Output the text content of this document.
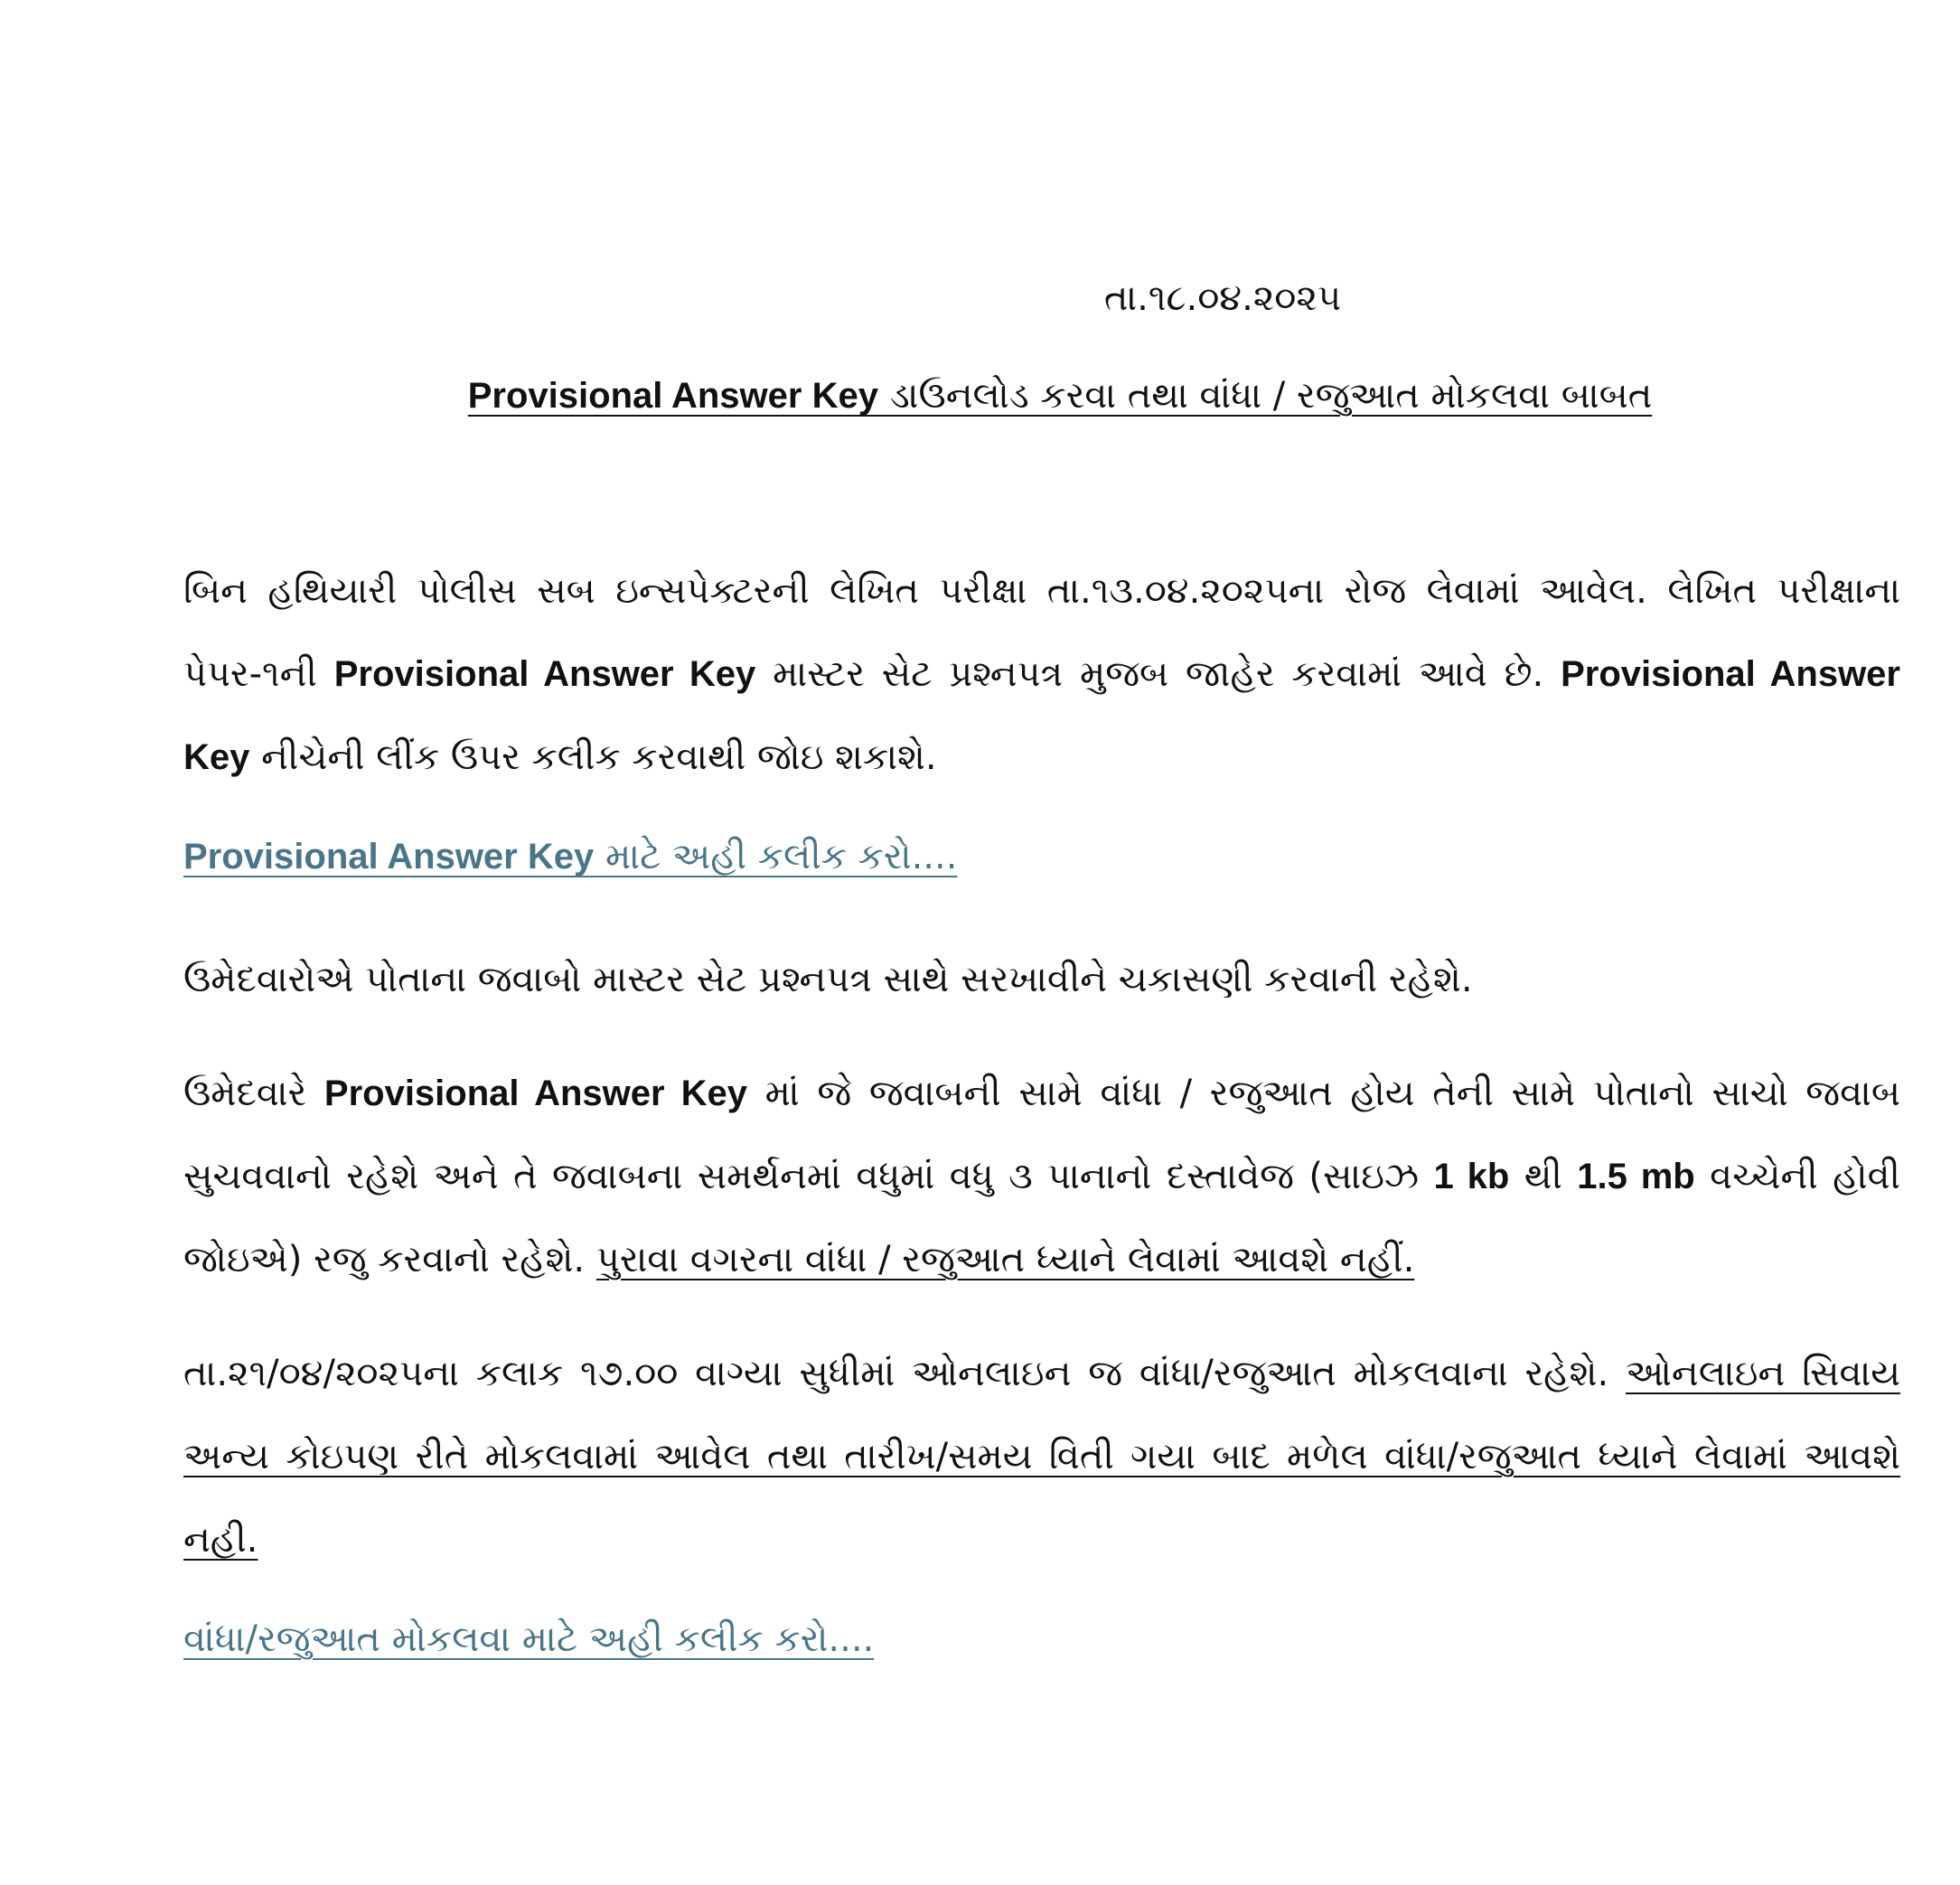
તા.૧૮.૦૪.૨૦૨૫
Provisional Answer Key ડાઉનલોડ કરવા તથા વાંધા / રજુઆત મોકલવા બાબત

બિન હથિયારી પોલીસ સબ ઇન્સપેક્ટરની લેખિત પરીક્ષા તા.૧૩.૦૪.૨૦૨૫ના રોજ લેવામાં આવેલ. લેખિત પરીક્ષાના પેપર-૧ની Provisional Answer Key માસ્ટર સેટ પ્રશ્નપત્ર મુજબ જાહેર કરવામાં આવે છે. Provisional Answer Key નીચેની લીંક ઉપર કલીક કરવાથી જોઇ શકાશે.

Provisional Answer Key માટે અહી કલીક કરો....

ઉમેદવારોએ પોતાના જવાબો માસ્ટર સેટ પ્રશ્નપત્ર સાથે સરખાવીને ચકાસણી કરવાની રહેશે.

ઉમેદવારે Provisional Answer Key માં જે જવાબની સામે વાંધા / રજુઆત હોય તેની સામે પોતાનો સાચો જવાબ સુચવવાનો રહેશે અને તે જવાબના સમર્થનમાં વધુમાં વધુ ૩ પાનાનો દસ્તાવેજ (સાઇઝ 1 kb થી 1.5 mb વચ્ચેની હોવી જોઇએ) રજુ કરવાનો રહેશે. પુરાવા વગરના વાંધા / રજુઆત ધ્યાને લેવામાં આવશે નહીં.

તા.૨૧/૦૪/૨૦૨૫ના કલાક ૧૭.૦૦ વાગ્યા સુધીમાં ઓનલાઇન જ વાંધા/રજુઆત મોકલવાના રહેશે. ઓનલાઇન સિવાય અન્ય કોઇપણ રીતે મોકલવામાં આવેલ તથા તારીખ/સમય વિતી ગયા બાદ મળેલ વાંધા/રજુઆત ધ્યાને લેવામાં આવશે નહી.

વાંધા/રજુઆત મોકલવા માટે અહી કલીક કરો....
